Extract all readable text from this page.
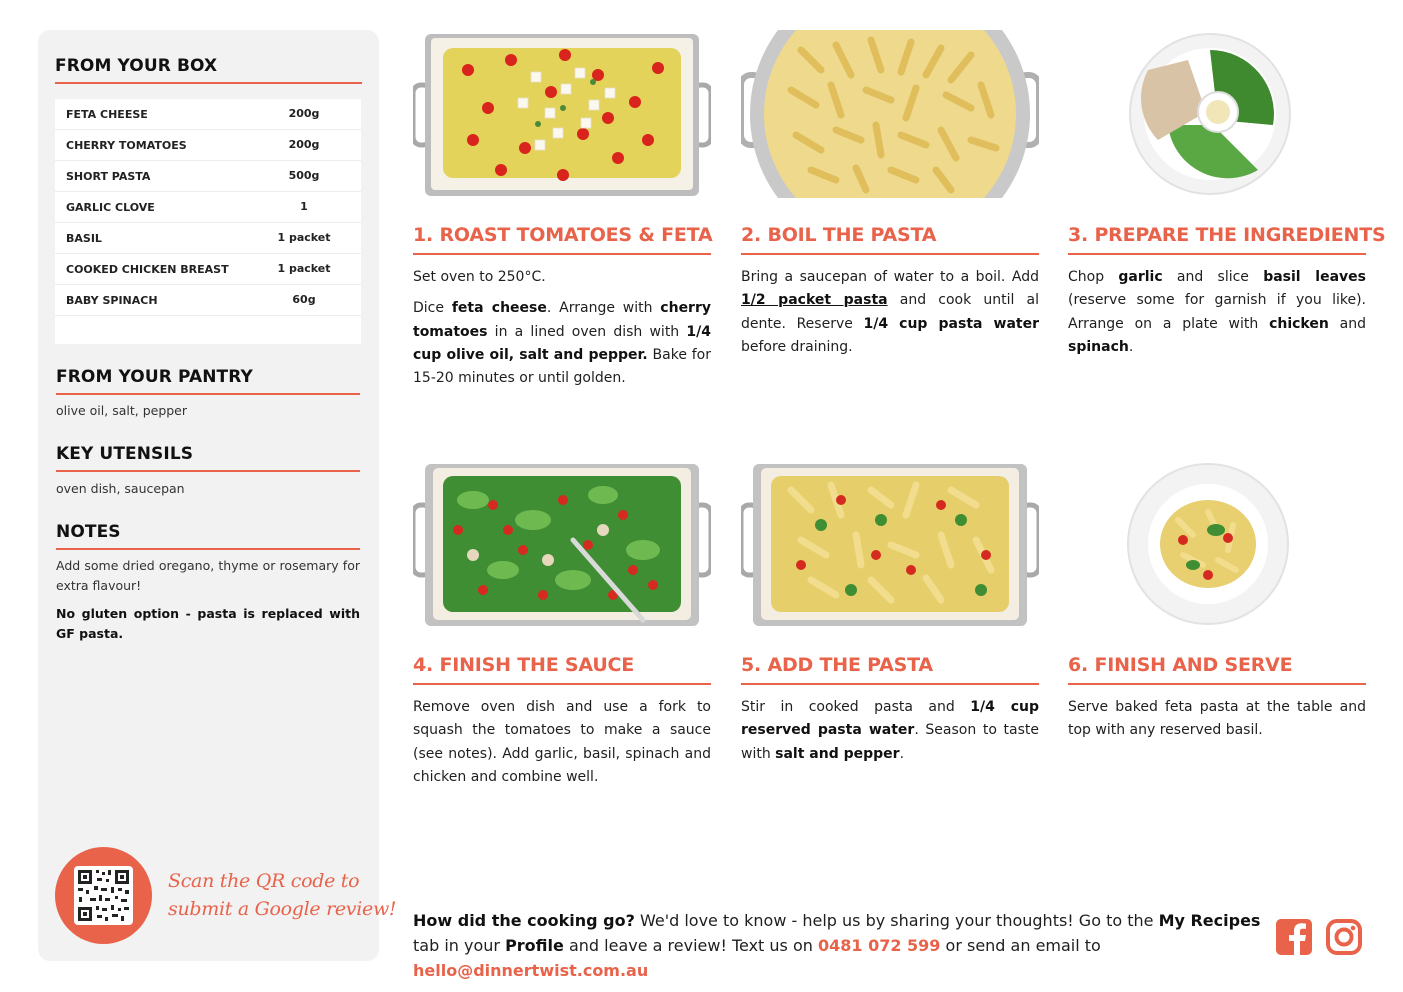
FROM YOUR BOX
FETA CHEESE	200g
CHERRY TOMATOES	200g
SHORT PASTA	500g
GARLIC CLOVE	1
BASIL	1 packet
COOKED CHICKEN BREAST	1 packet
BABY SPINACH	60g
FROM YOUR PANTRY
olive oil, salt, pepper
KEY UTENSILS
oven dish, saucepan
NOTES
Add some dried oregano, thyme or rosemary for extra flavour!
No gluten option - pasta is replaced with GF pasta.
Scan the QR code to
submit a Google review!
1. ROAST TOMATOES & FETA

Set oven to 250°C.

Dice feta cheese. Arrange with cherry tomatoes in a lined oven dish with 1/4 cup olive oil, salt and pepper. Bake for 15-20 minutes or until golden.

2. BOIL THE PASTA

Bring a saucepan of water to a boil. Add 1/2 packet pasta and cook until al dente. Reserve 1/4 cup pasta water before draining.

3. PREPARE THE INGREDIENTS

Chop garlic and slice basil leaves (reserve some for garnish if you like). Arrange on a plate with chicken and spinach.

4. FINISH THE SAUCE

Remove oven dish and use a fork to squash the tomatoes to make a sauce (see notes). Add garlic, basil, spinach and chicken and combine well.

5. ADD THE PASTA

Stir in cooked pasta and 1/4 cup reserved pasta water. Season to taste with salt and pepper.

6. FINISH AND SERVE

Serve baked feta pasta at the table and top with any reserved basil.

How did the cooking go? We'd love to know - help us by sharing your thoughts! Go to the My Recipes tab in your Profile and leave a review! Text us on 0481 072 599 or send an email to hello@dinnertwist.com.au
